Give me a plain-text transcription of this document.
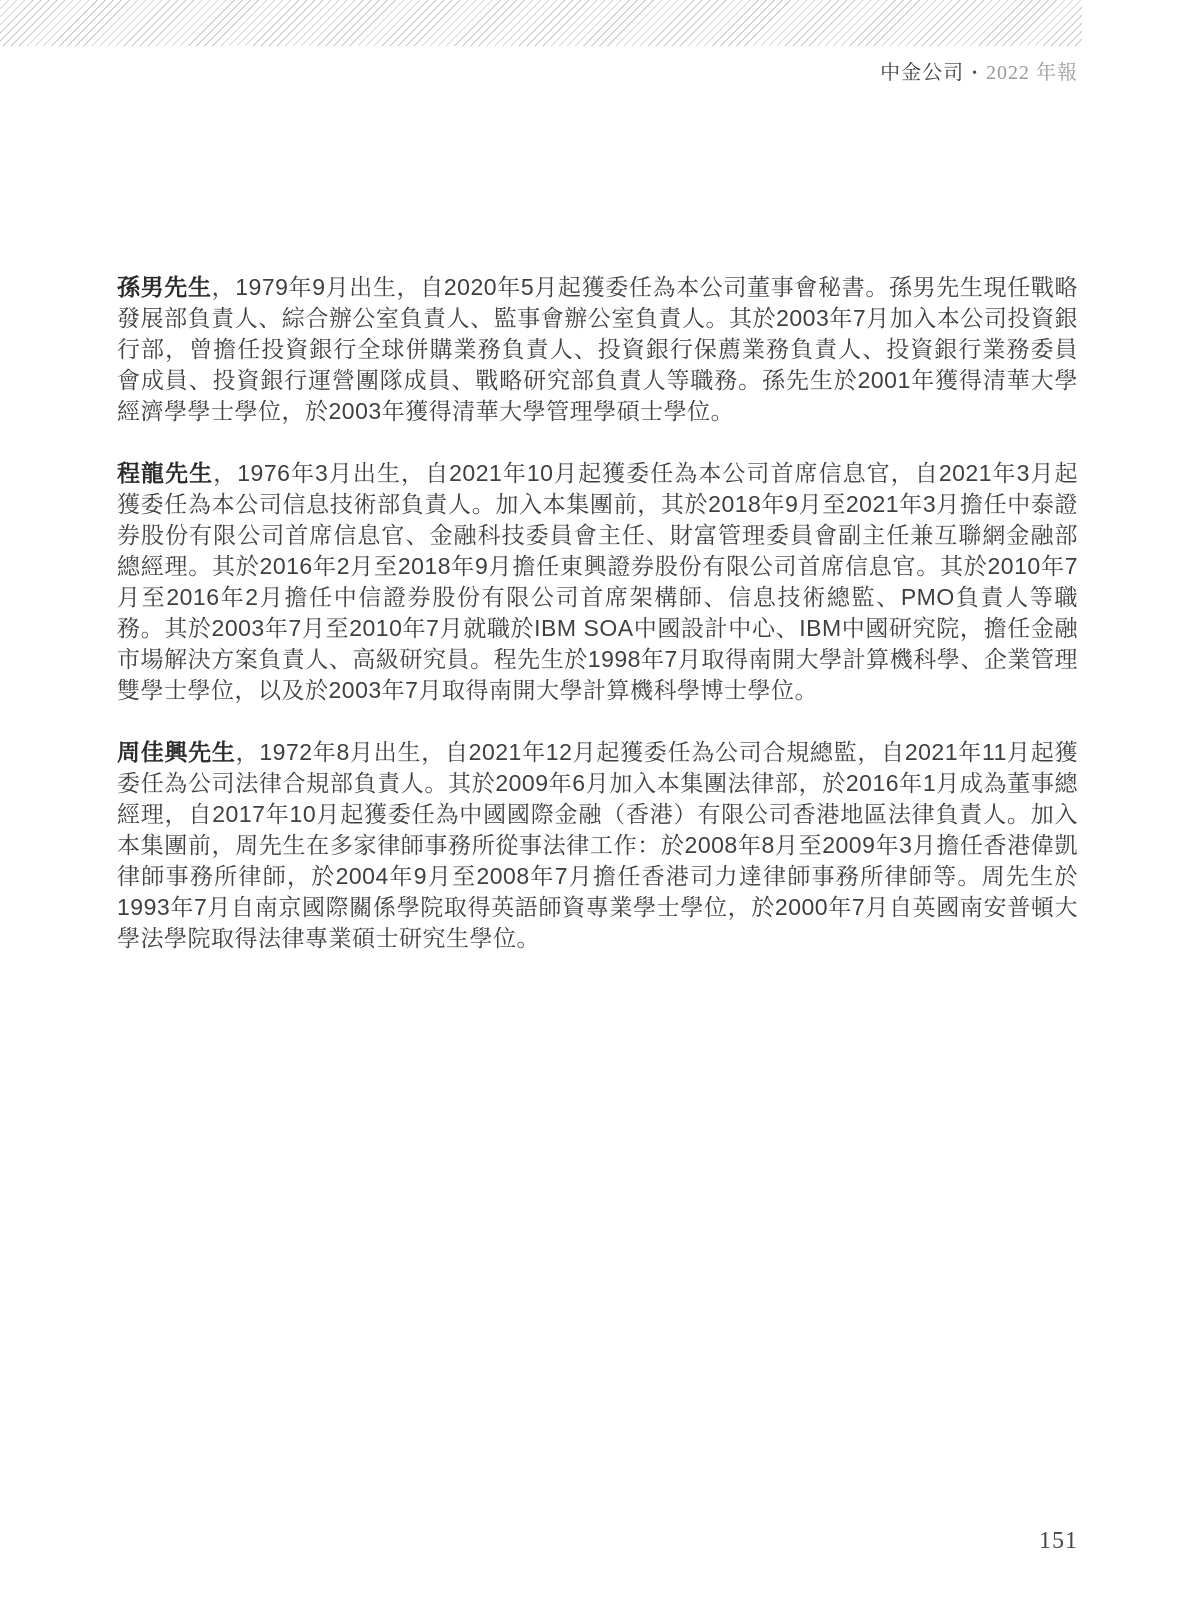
中金公司 • 2022 年報

孫男先生，1979年9月出生，自2020年5月起獲委任為本公司董事會秘書。孫男先生現任戰略發展部負責人、綜合辦公室負責人、監事會辦公室負責人。其於2003年7月加入本公司投資銀行部，曾擔任投資銀行全球併購業務負責人、投資銀行保薦業務負責人、投資銀行業務委員會成員、投資銀行運營團隊成員、戰略研究部負責人等職務。孫先生於2001年獲得清華大學經濟學學士學位，於2003年獲得清華大學管理學碩士學位。

程龍先生，1976年3月出生，自2021年10月起獲委任為本公司首席信息官，自2021年3月起獲委任為本公司信息技術部負責人。加入本集團前，其於2018年9月至2021年3月擔任中泰證券股份有限公司首席信息官、金融科技委員會主任、財富管理委員會副主任兼互聯網金融部總經理。其於2016年2月至2018年9月擔任東興證券股份有限公司首席信息官。其於2010年7月至2016年2月擔任中信證券股份有限公司首席架構師、信息技術總監、PMO負責人等職務。其於2003年7月至2010年7月就職於IBM SOA中國設計中心、IBM中國研究院，擔任金融市場解決方案負責人、高級研究員。程先生於1998年7月取得南開大學計算機科學、企業管理雙學士學位，以及於2003年7月取得南開大學計算機科學博士學位。

周佳興先生，1972年8月出生，自2021年12月起獲委任為公司合規總監，自2021年11月起獲委任為公司法律合規部負責人。其於2009年6月加入本集團法律部，於2016年1月成為董事總經理，自2017年10月起獲委任為中國國際金融（香港）有限公司香港地區法律負責人。加入本集團前，周先生在多家律師事務所從事法律工作：於2008年8月至2009年3月擔任香港偉凱律師事務所律師，於2004年9月至2008年7月擔任香港司力達律師事務所律師等。周先生於1993年7月自南京國際關係學院取得英語師資專業學士學位，於2000年7月自英國南安普頓大學法學院取得法律專業碩士研究生學位。

151
